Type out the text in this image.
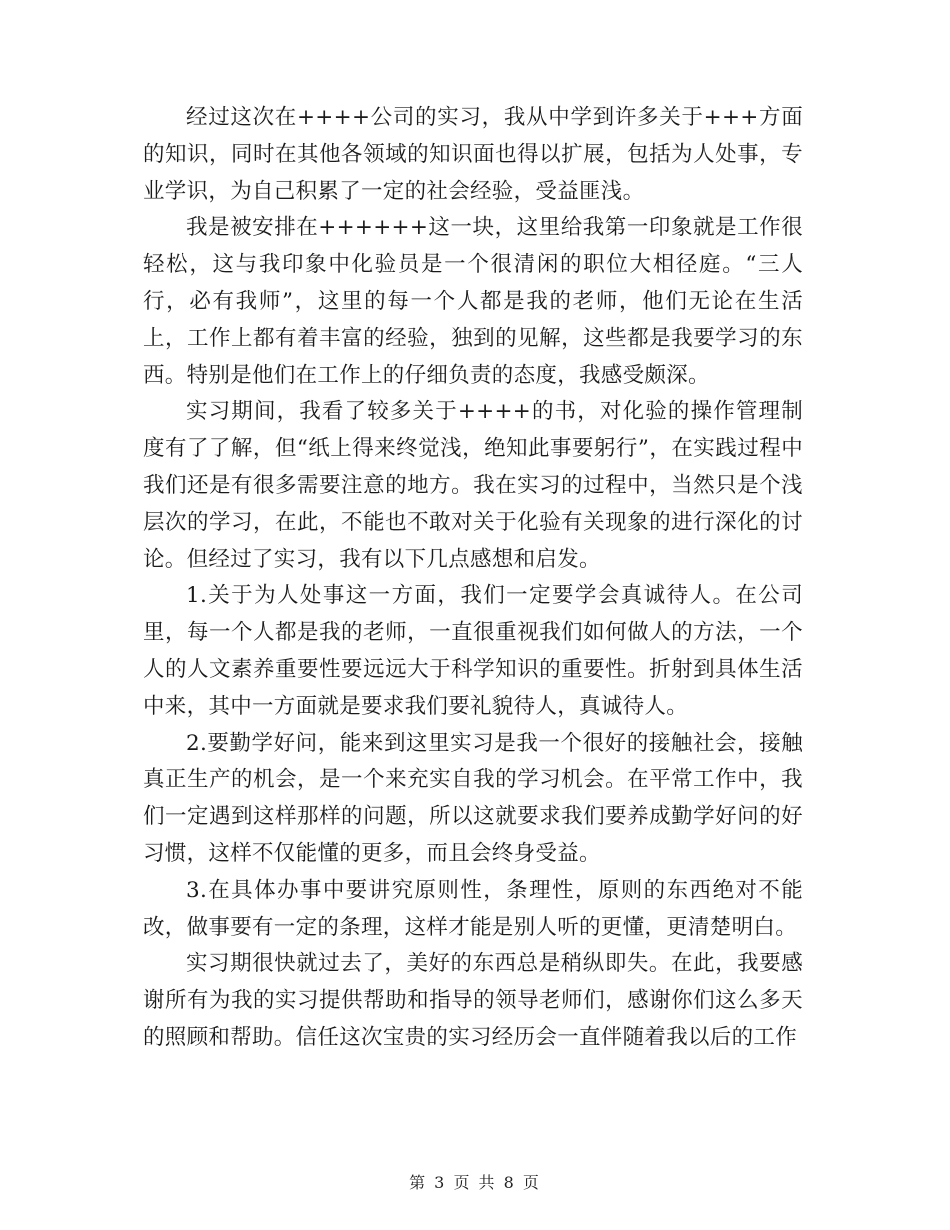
经过这次在++++公司的实习，我从中学到许多关于+++方面的知识，同时在其他各领域的知识面也得以扩展，包括为人处事，专业学识，为自己积累了一定的社会经验，受益匪浅。

我是被安排在++++++这一块，这里给我第一印象就是工作很轻松，这与我印象中化验员是一个很清闲的职位大相径庭。“三人行，必有我师”，这里的每一个人都是我的老师，他们无论在生活上，工作上都有着丰富的经验，独到的见解，这些都是我要学习的东西。特别是他们在工作上的仔细负责的态度，我感受颇深。

实习期间，我看了较多关于++++的书，对化验的操作管理制度有了了解，但“纸上得来终觉浅，绝知此事要躬行”，在实践过程中我们还是有很多需要注意的地方。我在实习的过程中，当然只是个浅层次的学习，在此，不能也不敢对关于化验有关现象的进行深化的讨论。但经过了实习，我有以下几点感想和启发。

1.关于为人处事这一方面，我们一定要学会真诚待人。在公司里，每一个人都是我的老师，一直很重视我们如何做人的方法，一个人的人文素养重要性要远远大于科学知识的重要性。折射到具体生活中来，其中一方面就是要求我们要礼貌待人，真诚待人。

2.要勤学好问，能来到这里实习是我一个很好的接触社会，接触真正生产的机会，是一个来充实自我的学习机会。在平常工作中，我们一定遇到这样那样的问题，所以这就要求我们要养成勤学好问的好习惯，这样不仅能懂的更多，而且会终身受益。

3.在具体办事中要讲究原则性，条理性，原则的东西绝对不能改，做事要有一定的条理，这样才能是别人听的更懂，更清楚明白。

实习期很快就过去了，美好的东西总是稍纵即失。在此，我要感谢所有为我的实习提供帮助和指导的领导老师们，感谢你们这么多天的照顾和帮助。信任这次宝贵的实习经历会一直伴随着我以后的工作

第 3 页 共 8 页
